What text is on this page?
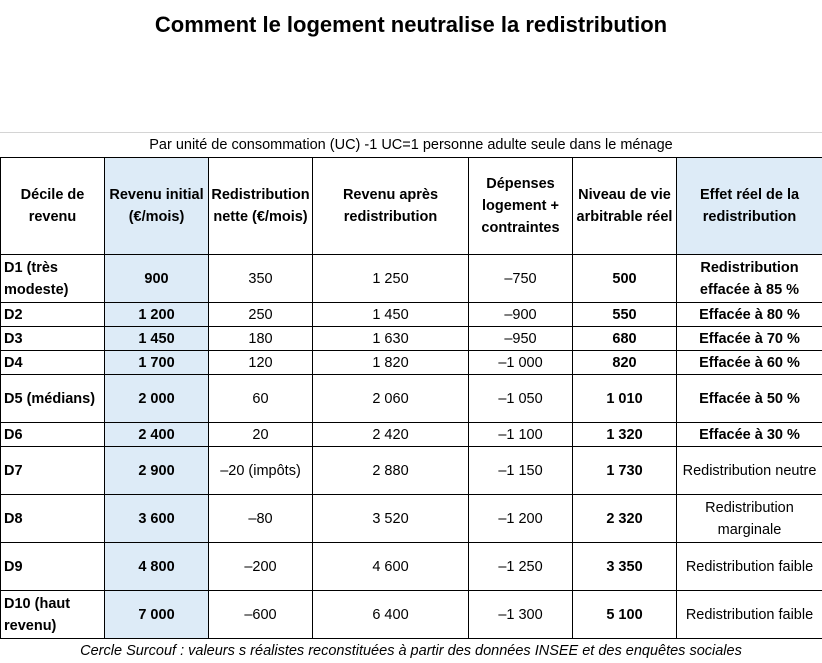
Comment le logement neutralise la redistribution
Par unité de consommation (UC) -1 UC=1 personne adulte seule dans le ménage
Décile de revenu	Revenu initial (€/mois)	Redistribution nette (€/mois)	Revenu après redistribution	Dépenses logement + contraintes	Niveau de vie arbitrable réel	Effet réel de la redistribution
D1 (très modeste)	900	350	1 250	–750	500	Redistribution effacée à 85 %
D2	1 200	250	1 450	–900	550	Effacée à 80 %
D3	1 450	180	1 630	–950	680	Effacée à 70 %
D4	1 700	120	1 820	–1 000	820	Effacée à 60 %
D5 (médians)	2 000	60	2 060	–1 050	1 010	Effacée à 50 %
D6	2 400	20	2 420	–1 100	1 320	Effacée à 30 %
D7	2 900	–20 (impôts)	2 880	–1 150	1 730	Redistribution neutre
D8	3 600	–80	3 520	–1 200	2 320	Redistribution marginale
D9	4 800	–200	4 600	–1 250	3 350	Redistribution faible
D10 (haut revenu)	7 000	–600	6 400	–1 300	5 100	Redistribution faible
Cercle Surcouf : valeurs s réalistes reconstituées à partir des données INSEE et des enquêtes sociales
